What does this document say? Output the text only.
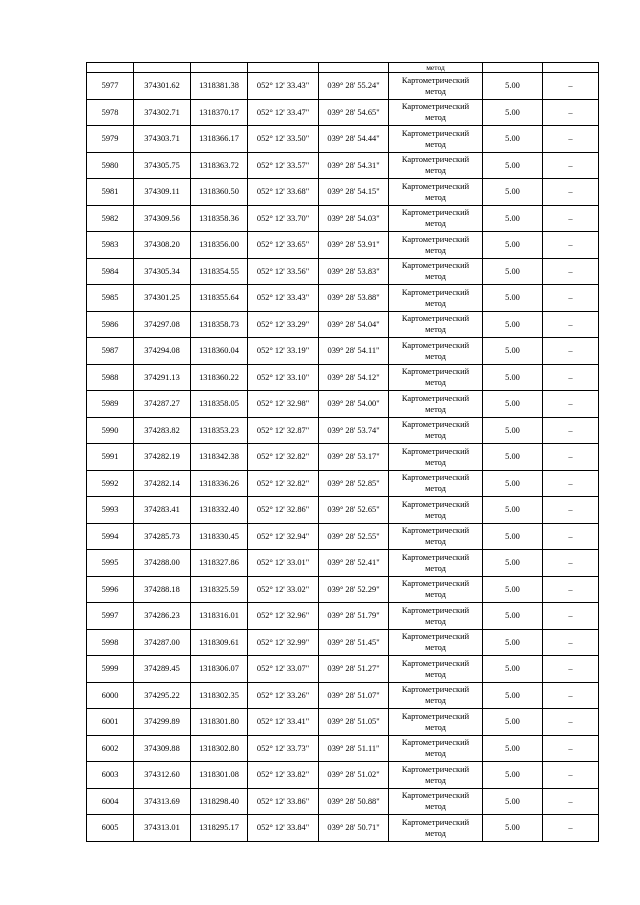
					метод		
5977	374301.62	1318381.38	052° 12' 33.43"	039° 28' 55.24"	Картометрический
метод	5.00	–
5978	374302.71	1318370.17	052° 12' 33.47"	039° 28' 54.65"	Картометрический
метод	5.00	–
5979	374303.71	1318366.17	052° 12' 33.50"	039° 28' 54.44"	Картометрический
метод	5.00	–
5980	374305.75	1318363.72	052° 12' 33.57"	039° 28' 54.31"	Картометрический
метод	5.00	–
5981	374309.11	1318360.50	052° 12' 33.68"	039° 28' 54.15"	Картометрический
метод	5.00	–
5982	374309.56	1318358.36	052° 12' 33.70"	039° 28' 54.03"	Картометрический
метод	5.00	–
5983	374308.20	1318356.00	052° 12' 33.65"	039° 28' 53.91"	Картометрический
метод	5.00	–
5984	374305.34	1318354.55	052° 12' 33.56"	039° 28' 53.83"	Картометрический
метод	5.00	–
5985	374301.25	1318355.64	052° 12' 33.43"	039° 28' 53.88"	Картометрический
метод	5.00	–
5986	374297.08	1318358.73	052° 12' 33.29"	039° 28' 54.04"	Картометрический
метод	5.00	–
5987	374294.08	1318360.04	052° 12' 33.19"	039° 28' 54.11"	Картометрический
метод	5.00	–
5988	374291.13	1318360.22	052° 12' 33.10"	039° 28' 54.12"	Картометрический
метод	5.00	–
5989	374287.27	1318358.05	052° 12' 32.98"	039° 28' 54.00"	Картометрический
метод	5.00	–
5990	374283.82	1318353.23	052° 12' 32.87"	039° 28' 53.74"	Картометрический
метод	5.00	–
5991	374282.19	1318342.38	052° 12' 32.82"	039° 28' 53.17"	Картометрический
метод	5.00	–
5992	374282.14	1318336.26	052° 12' 32.82"	039° 28' 52.85"	Картометрический
метод	5.00	–
5993	374283.41	1318332.40	052° 12' 32.86"	039° 28' 52.65"	Картометрический
метод	5.00	–
5994	374285.73	1318330.45	052° 12' 32.94"	039° 28' 52.55"	Картометрический
метод	5.00	–
5995	374288.00	1318327.86	052° 12' 33.01"	039° 28' 52.41"	Картометрический
метод	5.00	–
5996	374288.18	1318325.59	052° 12' 33.02"	039° 28' 52.29"	Картометрический
метод	5.00	–
5997	374286.23	1318316.01	052° 12' 32.96"	039° 28' 51.79"	Картометрический
метод	5.00	–
5998	374287.00	1318309.61	052° 12' 32.99"	039° 28' 51.45"	Картометрический
метод	5.00	–
5999	374289.45	1318306.07	052° 12' 33.07"	039° 28' 51.27"	Картометрический
метод	5.00	–
6000	374295.22	1318302.35	052° 12' 33.26"	039° 28' 51.07"	Картометрический
метод	5.00	–
6001	374299.89	1318301.80	052° 12' 33.41"	039° 28' 51.05"	Картометрический
метод	5.00	–
6002	374309.88	1318302.80	052° 12' 33.73"	039° 28' 51.11"	Картометрический
метод	5.00	–
6003	374312.60	1318301.08	052° 12' 33.82"	039° 28' 51.02"	Картометрический
метод	5.00	–
6004	374313.69	1318298.40	052° 12' 33.86"	039° 28' 50.88"	Картометрический
метод	5.00	–
6005	374313.01	1318295.17	052° 12' 33.84"	039° 28' 50.71"	Картометрический
метод	5.00	–
